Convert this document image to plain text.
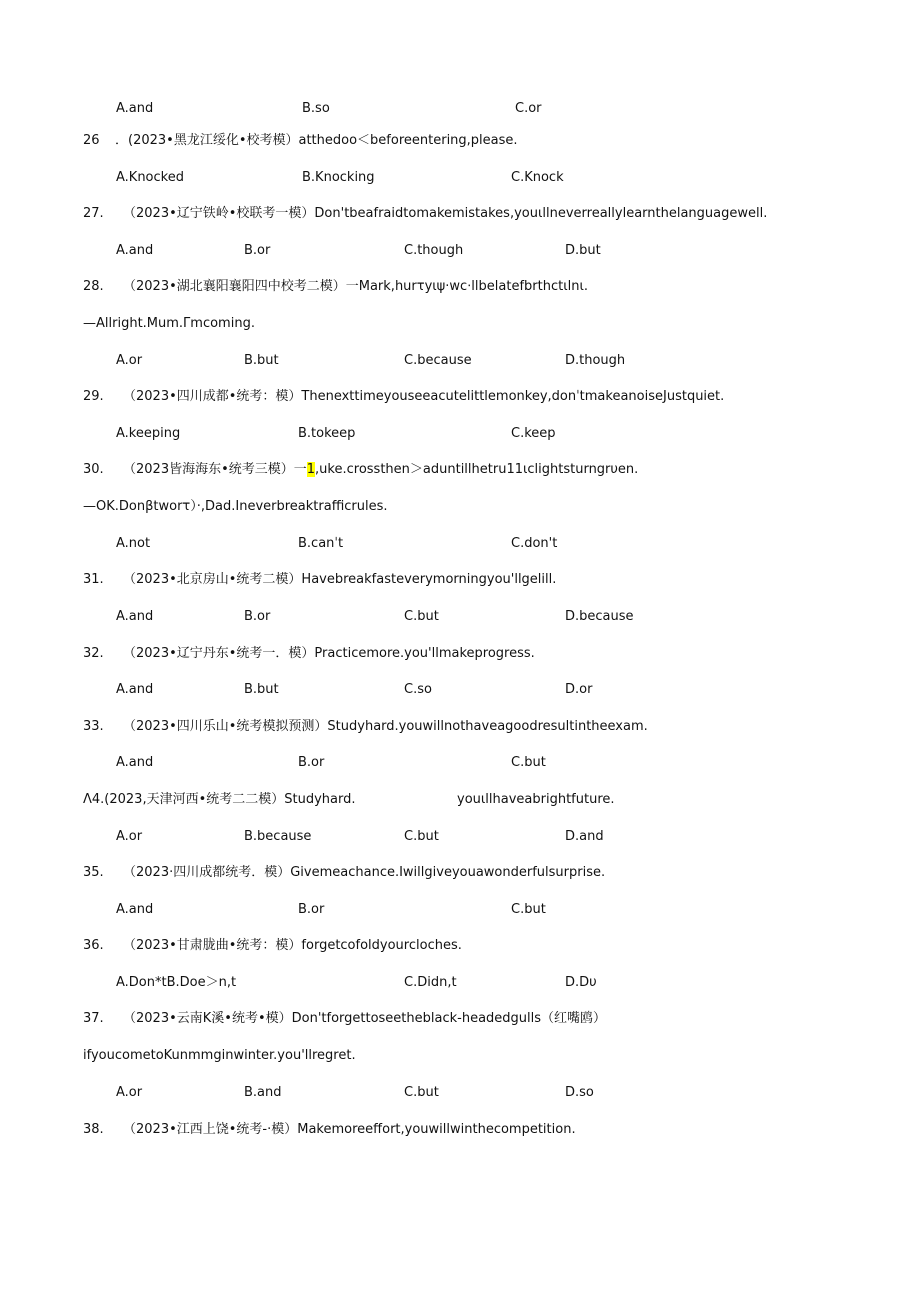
A.and	B.so	C.or
26 ．(2023•黑龙江绥化•校考模）atthedoo＜beforeentering,please.
A.Knocked	B.Knocking	C.Knock
27. （2023•辽宁铁岭•校联考一模）Don'tbeafraidtomakemistakes,youιllneverreallylearnthelanguagewell.
A.and	B.or	C.though	D.but
28. （2023•湖北襄阳襄阳四中校考二模）一Mark,hurτyιψ·wc⋅llbelatefbrthctιlnι.
—Allright.Mum.Γmcoming.
A.or	B.but	C.because	D.though
29. （2023•四川成都•统考：模）Thenexttimeyouseeacutelittlemonkey,donˈtmakeanoiseJustquiet.
A.keeping	B.tokeep	C.keep
30. （2023皆海海东•统考三模）一1,uke.crossthen＞aduntillhetru11ιclightsturngrυen.
—OK.Donβtworτ）·,Dad.Ineverbreaktrafficrules.
A.not	B.canˈt	C.don't
31. （2023•北京房山•统考二模）Havebreakfasteverymorningyou'llgelill.
A.and	B.or	C.but	D.because
32. （2023•辽宁丹东•统考一．模）Practicemore.you'llmakeprogress.
A.and	B.but	C.so	D.or
33. （2023•四川乐山•统考模拟预测）Studyhard.youwillnothaveagoodresultintheexam.
A.and	B.or	C.but
Λ4.(2023,天津河西•统考二二模）Studyhard.	youιllhaveabrightfuture.
A.or	B.because	C.but	D.and
35. （2023·四川成都统考．模）Givemeachance.Iwillgiveyouawonderfulsurprise.
A.and	B.or	C.but
36. （2023•甘肃胧曲•统考：模）forgetcofoldyourcloches.
A.Don*tB.Doe＞n,t	C.Didn,t	D.Dυ
37. （2023•云南K溪•统考•模）Don'tforgettoseetheblack-headedgulls（红嘴鸥）
ifyoucometoKunmmginwinter.you'llregret.
A.or	B.and	C.but	D.so
38. （2023•江西上饶•统考-·模）Makemoreeffort,youwillwinthecompetition.
